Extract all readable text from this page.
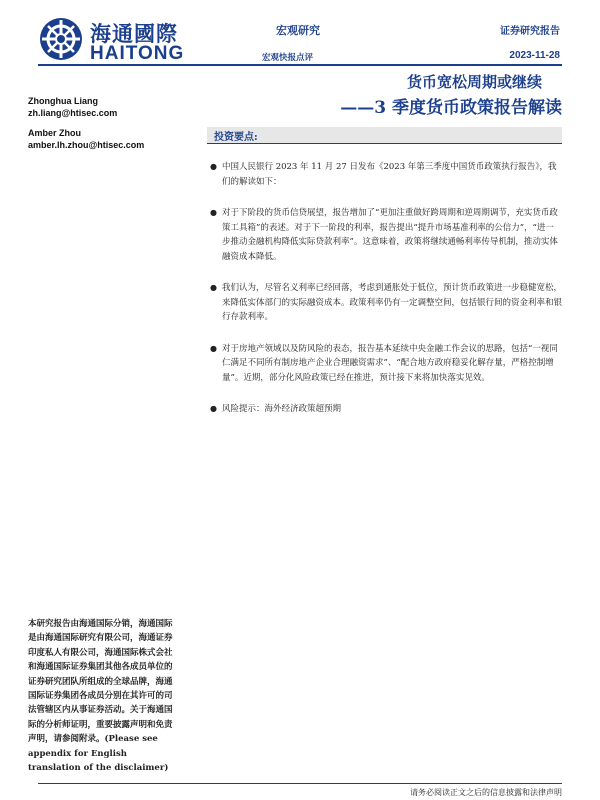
海通國際
HAITONG
宏观研究
宏观快报点评
证券研究报告
2023-11-28
货币宽松周期或继续
——3 季度货币政策报告解读
Zhonghua Liang
zh.liang@htisec.com
Amber Zhou
amber.lh.zhou@htisec.com
投资要点:
● 中国人民银行 2023 年 11 月 27 日发布《2023 年第三季度中国货币政策执行报告》，我们的解读如下：
● 对于下阶段的货币信贷展望，报告增加了“更加注重做好跨周期和逆周期调节，充实货币政策工具箱”的表述。对于下一阶段的利率，报告提出“提升市场基准利率的公信力”，“进一步推动金融机构降低实际贷款利率”。这意味着，政策将继续通畅利率传导机制，推动实体融资成本降低。
● 我们认为，尽管名义利率已经回落，考虑到通胀处于低位，预计货币政策进一步稳健宽松，来降低实体部门的实际融资成本。政策利率仍有一定调整空间，包括银行间的资金利率和银行存款利率。
● 对于房地产领域以及防风险的表态，报告基本延续中央金融工作会议的思路，包括“一视同仁满足不同所有制房地产企业合理融资需求”、“配合地方政府稳妥化解存量，严格控制增量”。近期，部分化风险政策已经在推进，预计接下来将加快落实见效。
● 风险提示：海外经济政策超预期
本研究报告由海通国际分销，海通国际是由海通国际研究有限公司，海通证券印度私人有限公司，海通国际株式会社和海通国际证券集团其他各成员单位的证券研究团队所组成的全球品牌，海通国际证券集团各成员分别在其许可的司法管辖区内从事证券活动。关于海通国际的分析师证明，重要披露声明和免责声明，请参阅附录。(Please see appendix for English translation of the disclaimer)
请务必阅读正文之后的信息披露和法律声明
